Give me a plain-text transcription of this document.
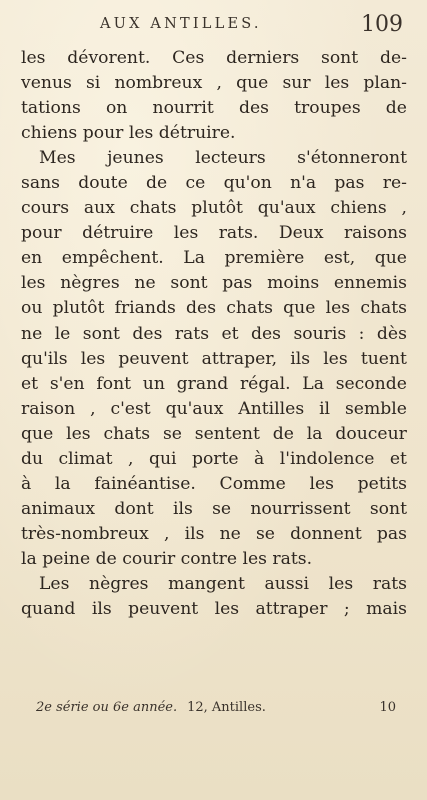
AUX ANTILLES.	109
les dévorent. Ces derniers sont de-
venus si nombreux , que sur les plan-
tations on nourrit des troupes de
chiens pour les détruire.
Mes jeunes lecteurs s'étonneront
sans doute de ce qu'on n'a pas re-
cours aux chats plutôt qu'aux chiens ,
pour détruire les rats. Deux raisons
en empêchent. La première est, que
les nègres ne sont pas moins ennemis
ou plutôt friands des chats que les chats
ne le sont des rats et des souris : dès
qu'ils les peuvent attraper, ils les tuent
et s'en font un grand régal. La seconde
raison , c'est qu'aux Antilles il semble
que les chats se sentent de la douceur
du climat , qui porte à l'indolence et
à la fainéantise. Comme les petits
animaux dont ils se nourrissent sont
très-nombreux , ils ne se donnent pas
la peine de courir contre les rats.
Les nègres mangent aussi les rats
quand ils peuvent les attraper ; mais
2e série ou 6e année. 12, Antilles.	10
